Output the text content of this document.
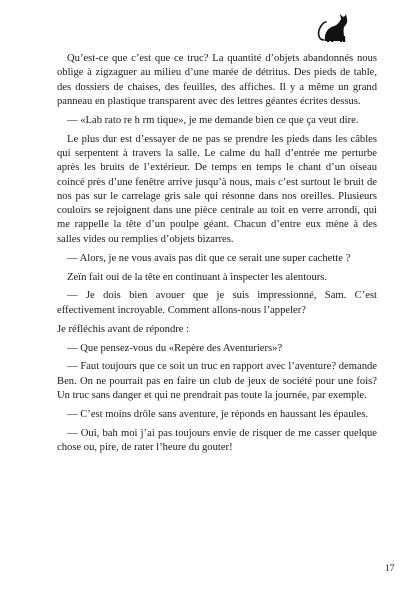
Qu’est-ce que c’est que ce truc? La quantité d’objets abandonnés nous oblige à zigzaguer au milieu d’une marée de détritus. Des pieds de table, des dossiers de chaises, des feuilles, des affiches. Il y a même un grand panneau en plastique transparent avec des lettres géantes écrites dessus.

— «Lab rato re h rm tique», je me demande bien ce que ça veut dire.

Le plus dur est d’essayer de ne pas se prendre les pieds dans les câbles qui serpentent à travers la salle. Le calme du hall d’entrée me perturbe après les bruits de l’extérieur. De temps en temps le chant d’un oiseau coincé près d’une fenêtre arrive jusqu’à nous, mais c’est surtout le bruit de nos pas sur le carrelage gris sale qui résonne dans nos oreilles. Plusieurs couloirs se rejoignent dans une pièce centrale au toit en verre arrondi, qui me rappelle la tête d’un poulpe géant. Chacun d’entre eux mène à des salles vides ou remplies d’objets bizarres.

— Alors, je ne vous avais pas dit que ce serait une super cachette ?

Zeïn fait oui de la tête en continuant à inspecter les alentours.

— Je dois bien avouer que je suis impressionné, Sam. C’est effectivement incroyable. Comment allons-nous l’appeler?

Je réfléchis avant de répondre :

— Que pensez-vous du «Repère des Aventuriers»?

— Faut toujours que ce soit un truc en rapport avec l’aventure? demande Ben. On ne pourrait pas en faire un club de jeux de société pour une fois? Un truc sans danger et qui ne prendrait pas toute la journée, par exemple.

— C’est moins drôle sans aventure, je réponds en haussant les épaules.

— Oui, bah moi j’ai pas toujours envie de risquer de me casser quelque chose ou, pire, de rater l’heure du gouter!

17
